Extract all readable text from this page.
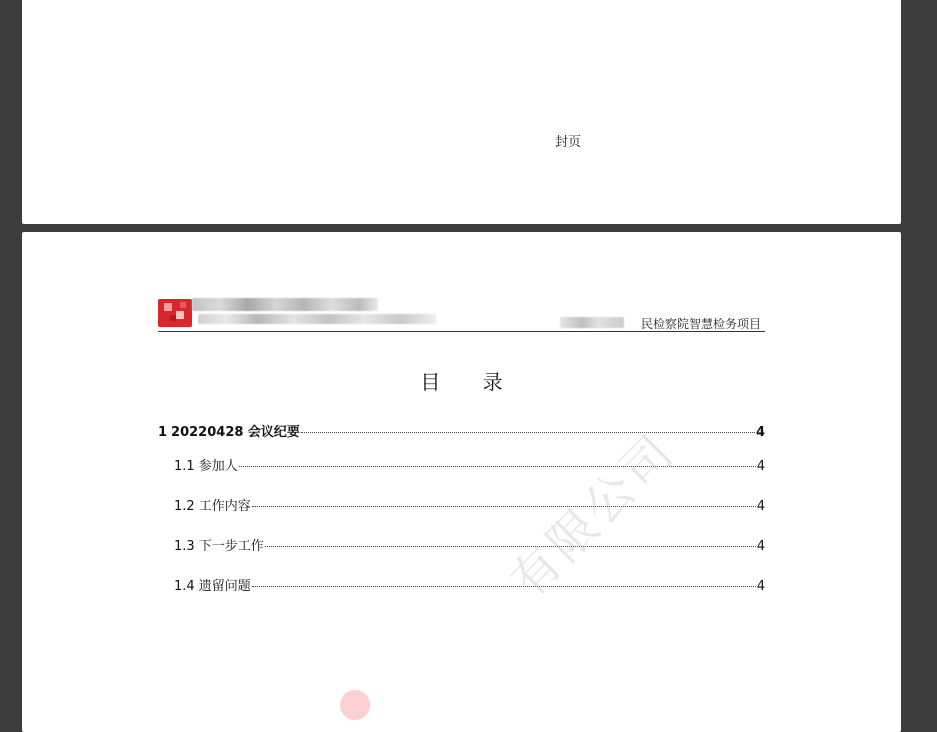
封页
民检察院智慧检务项目
目 录
1 20220428 会议纪要	4
1.1 参加人	4
1.2 工作内容	4
1.3 下一步工作	4
1.4 遗留问题	4
有限公司
